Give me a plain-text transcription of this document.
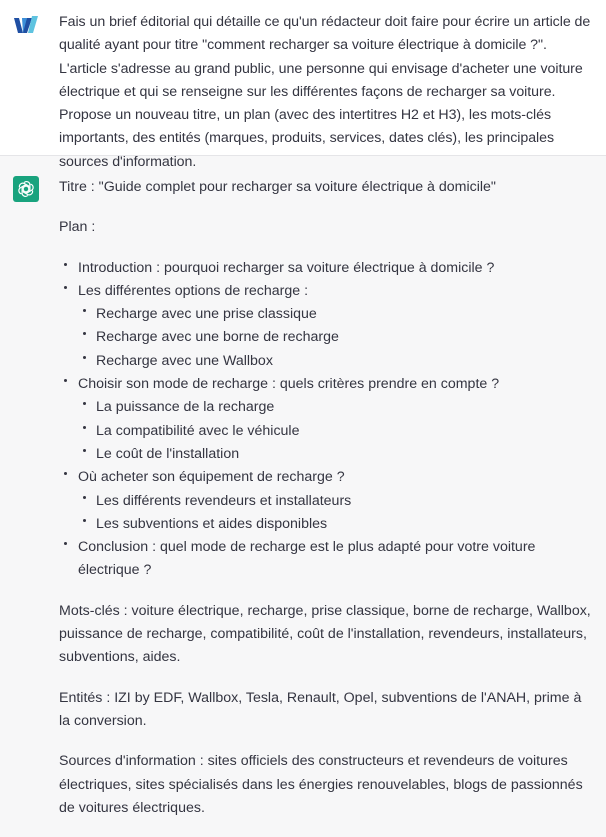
Fais un brief éditorial qui détaille ce qu'un rédacteur doit faire pour écrire un article de qualité ayant pour titre "comment recharger sa voiture électrique à domicile ?". L'article s'adresse au grand public, une personne qui envisage d'acheter une voiture électrique et qui se renseigne sur les différentes façons de recharger sa voiture. Propose un nouveau titre, un plan (avec des intertitres H2 et H3), les mots-clés importants, des entités (marques, produits, services, dates clés), les principales sources d'information.

Titre : "Guide complet pour recharger sa voiture électrique à domicile"

Plan :

Introduction : pourquoi recharger sa voiture électrique à domicile ?
Les différentes options de recharge :
Recharge avec une prise classique
Recharge avec une borne de recharge
Recharge avec une Wallbox
Choisir son mode de recharge : quels critères prendre en compte ?
La puissance de la recharge
La compatibilité avec le véhicule
Le coût de l'installation
Où acheter son équipement de recharge ?
Les différents revendeurs et installateurs
Les subventions et aides disponibles
Conclusion : quel mode de recharge est le plus adapté pour votre voiture électrique ?

Mots-clés : voiture électrique, recharge, prise classique, borne de recharge, Wallbox, puissance de recharge, compatibilité, coût de l'installation, revendeurs, installateurs, subventions, aides.

Entités : IZI by EDF, Wallbox, Tesla, Renault, Opel, subventions de l'ANAH, prime à la conversion.

Sources d'information : sites officiels des constructeurs et revendeurs de voitures électriques, sites spécialisés dans les énergies renouvelables, blogs de passionnés de voitures électriques.
